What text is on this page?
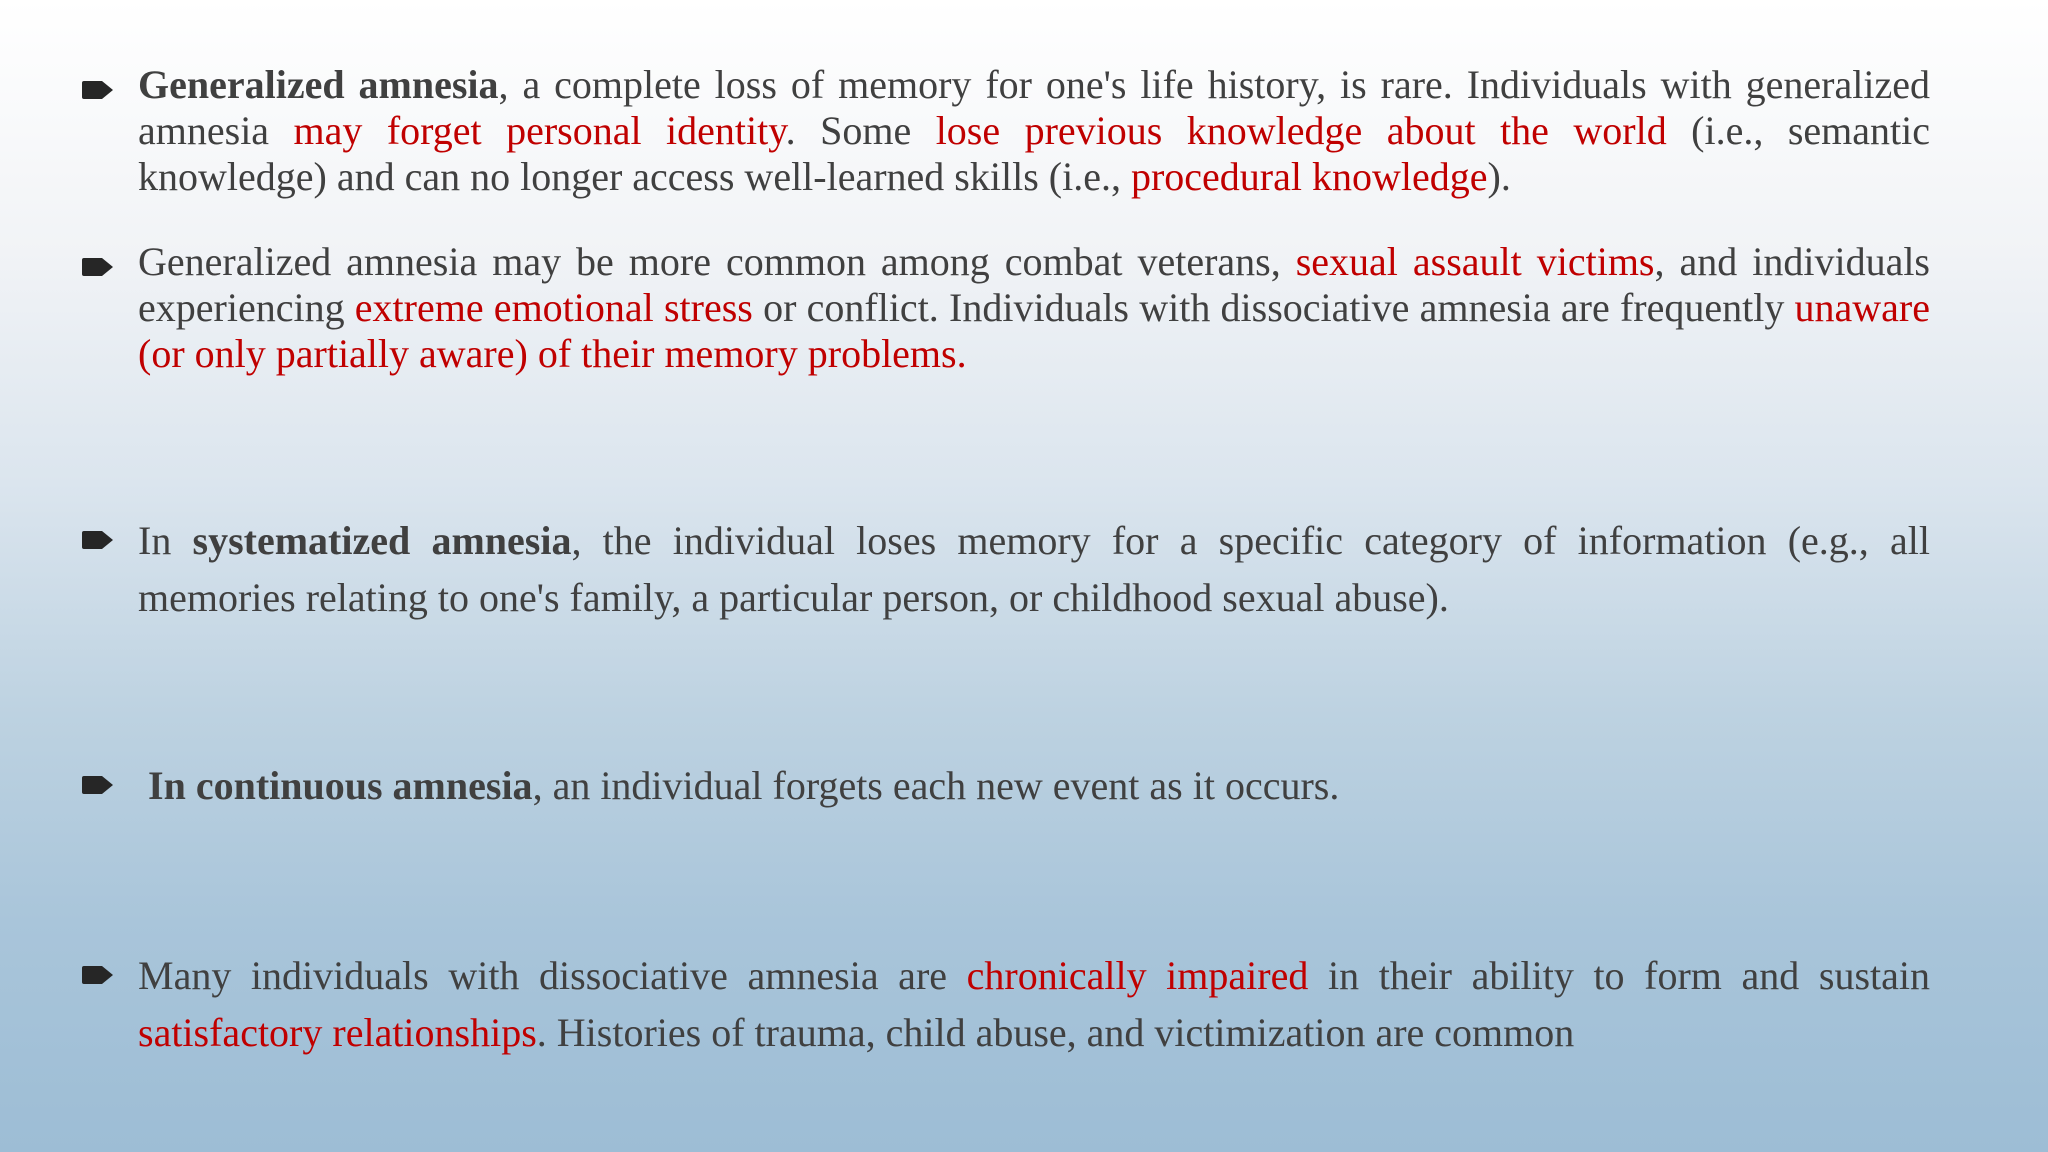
Generalized amnesia, a complete loss of memory for one's life history, is rare. Individuals with generalized amnesia may forget personal identity. Some lose previous knowledge about the world (i.e., semantic knowledge) and can no longer access well-learned skills (i.e., procedural knowledge).
Generalized amnesia may be more common among combat veterans, sexual assault victims, and individuals experiencing extreme emotional stress or conflict. Individuals with dissociative amnesia are frequently unaware (or only partially aware) of their memory problems.
In systematized amnesia, the individual loses memory for a specific category of information (e.g., all memories relating to one's family, a particular person, or childhood sexual abuse).
In continuous amnesia, an individual forgets each new event as it occurs.
Many individuals with dissociative amnesia are chronically impaired in their ability to form and sustain satisfactory relationships. Histories of trauma, child abuse, and victimization are common
